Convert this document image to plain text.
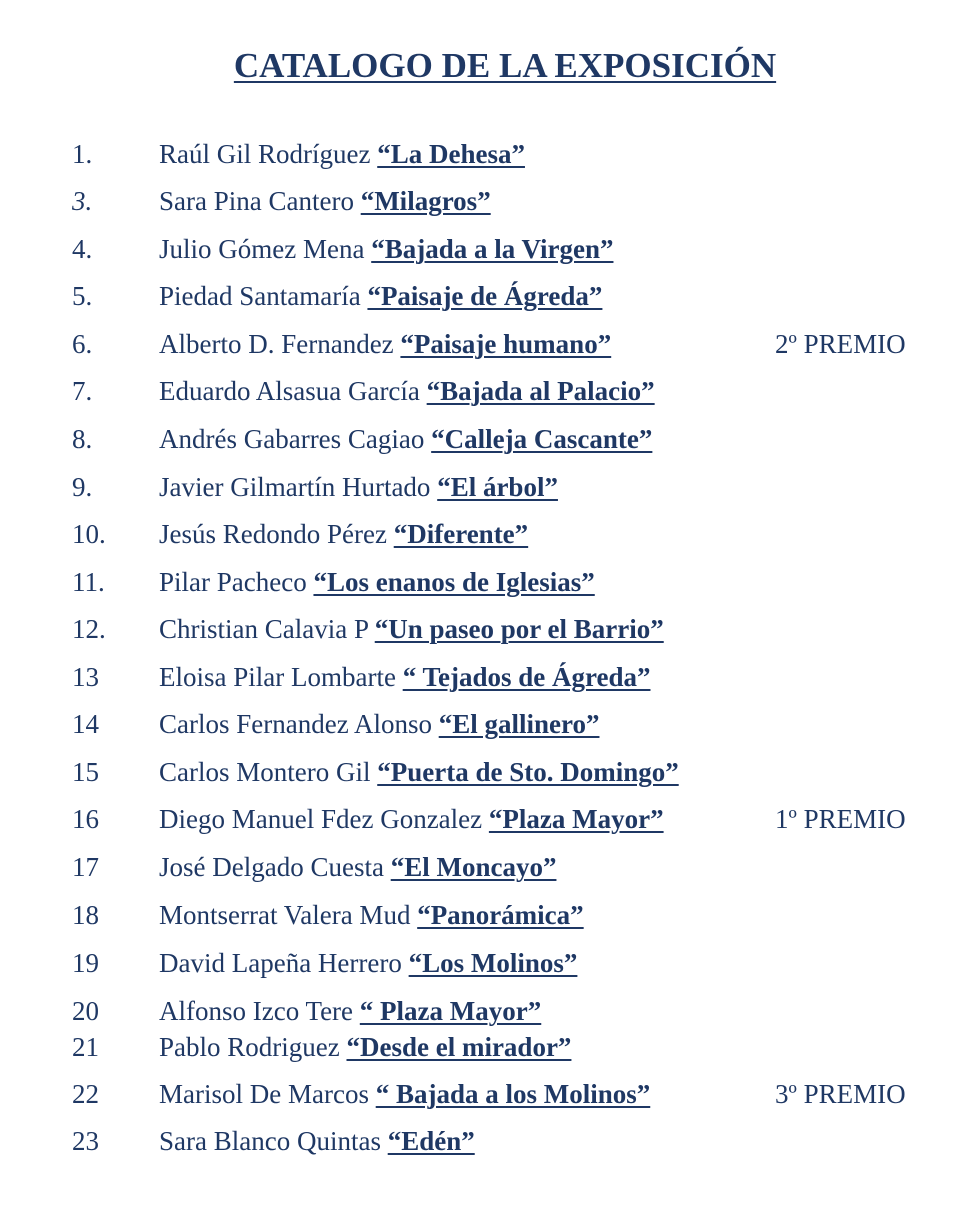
CATALOGO DE LA EXPOSICIÓN
1. Raúl Gil Rodríguez “La Dehesa”
3. Sara Pina Cantero “Milagros”
4. Julio Gómez Mena “Bajada a la Virgen”
5. Piedad Santamaría “Paisaje de Ágreda”
6. Alberto D. Fernandez “Paisaje humano”	2º PREMIO
7. Eduardo Alsasua García “Bajada al Palacio”
8. Andrés Gabarres Cagiao “Calleja Cascante”
9. Javier Gilmartín Hurtado “El árbol”
10. Jesús Redondo Pérez “Diferente”
11. Pilar Pacheco “Los enanos de Iglesias”
12. Christian Calavia P “Un paseo por el Barrio”
13 Eloisa Pilar Lombarte “ Tejados de Ágreda”
14 Carlos Fernandez Alonso “El gallinero”
15 Carlos Montero Gil “Puerta de Sto. Domingo”
16 Diego Manuel Fdez Gonzalez “Plaza Mayor”	1º PREMIO
17 José Delgado Cuesta “El Moncayo”
18 Montserrat Valera Mud “Panorámica”
19 David Lapeña Herrero “Los Molinos”
20 Alfonso Izco Tere “ Plaza Mayor”
21 Pablo Rodriguez “Desde el mirador”
22 Marisol De Marcos “ Bajada a los Molinos”	3º PREMIO
23 Sara Blanco Quintas “Edén”
